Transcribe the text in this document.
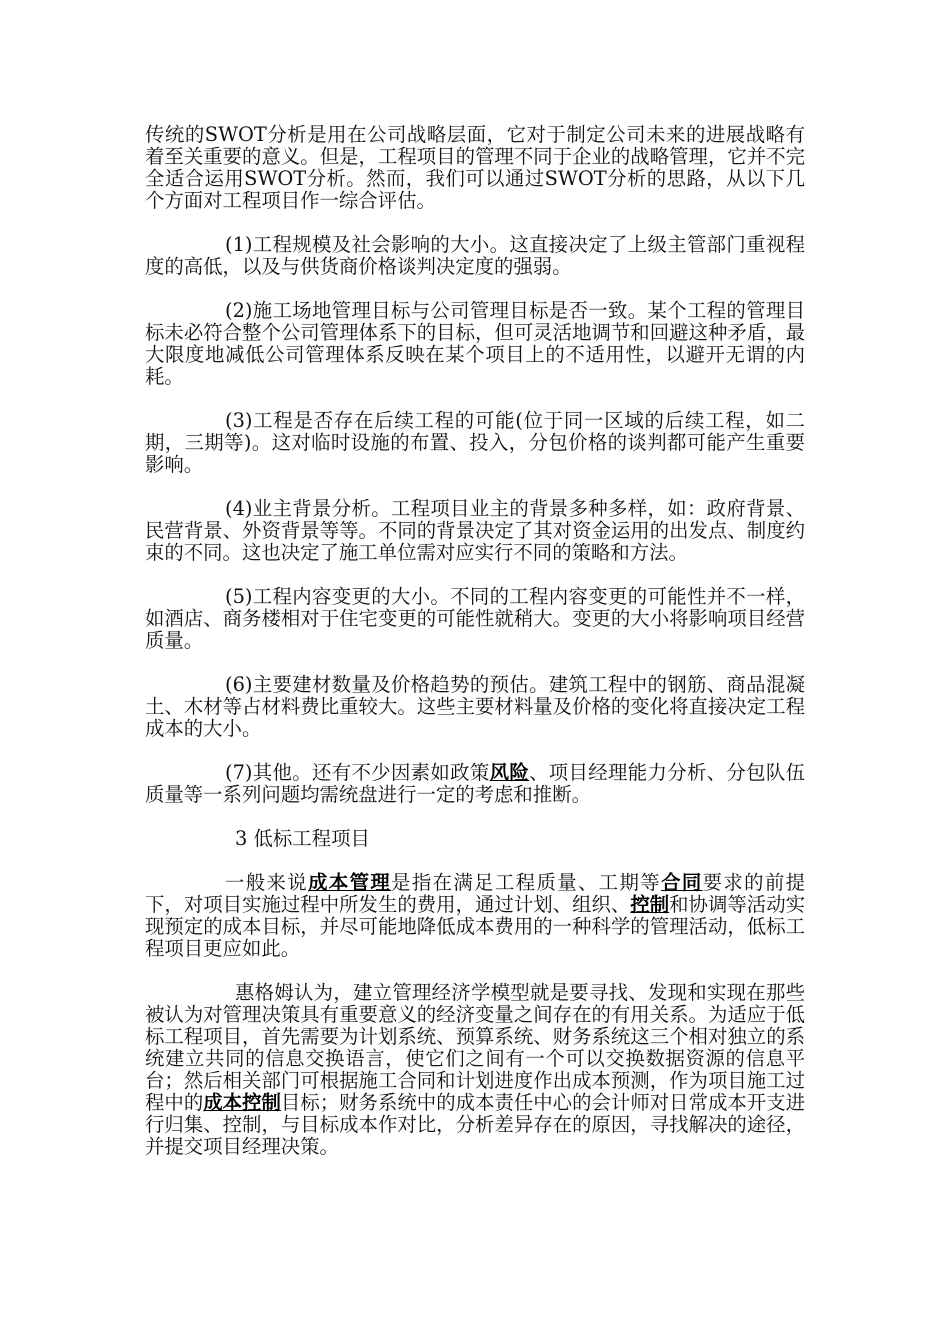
传统的SWOT分析是用在公司战略层面，它对于制定公司未来的进展战略有着至关重要的意义。但是，工程项目的管理不同于企业的战略管理，它并不完全适合运用SWOT分析。然而，我们可以通过SWOT分析的思路，从以下几个方面对工程项目作一综合评估。

(1)工程规模及社会影响的大小。这直接决定了上级主管部门重视程度的高低，以及与供货商价格谈判决定度的强弱。

(2)施工场地管理目标与公司管理目标是否一致。某个工程的管理目标未必符合整个公司管理体系下的目标，但可灵活地调节和回避这种矛盾，最大限度地减低公司管理体系反映在某个项目上的不适用性，以避开无谓的内耗。

(3)工程是否存在后续工程的可能(位于同一区域的后续工程，如二期，三期等)。这对临时设施的布置、投入，分包价格的谈判都可能产生重要影响。

(4)业主背景分析。工程项目业主的背景多种多样，如：政府背景、民营背景、外资背景等等。不同的背景决定了其对资金运用的出发点、制度约束的不同。这也决定了施工单位需对应实行不同的策略和方法。

(5)工程内容变更的大小。不同的工程内容变更的可能性并不一样，如酒店、商务楼相对于住宅变更的可能性就稍大。变更的大小将影响项目经营质量。

(6)主要建材数量及价格趋势的预估。建筑工程中的钢筋、商品混凝土、木材等占材料费比重较大。这些主要材料量及价格的变化将直接决定工程成本的大小。

(7)其他。还有不少因素如政策风险、项目经理能力分析、分包队伍质量等一系列问题均需统盘进行一定的考虑和推断。

3 低标工程项目

一般来说成本管理是指在满足工程质量、工期等合同要求的前提下，对项目实施过程中所发生的费用，通过计划、组织、控制和协调等活动实现预定的成本目标，并尽可能地降低成本费用的一种科学的管理活动，低标工程项目更应如此。

惠格姆认为，建立管理经济学模型就是要寻找、发现和实现在那些被认为对管理决策具有重要意义的经济变量之间存在的有用关系。为适应于低标工程项目，首先需要为计划系统、预算系统、财务系统这三个相对独立的系统建立共同的信息交换语言，使它们之间有一个可以交换数据资源的信息平台；然后相关部门可根据施工合同和计划进度作出成本预测，作为项目施工过程中的成本控制目标；财务系统中的成本责任中心的会计师对日常成本开支进行归集、控制，与目标成本作对比，分析差异存在的原因，寻找解决的途径，并提交项目经理决策。
